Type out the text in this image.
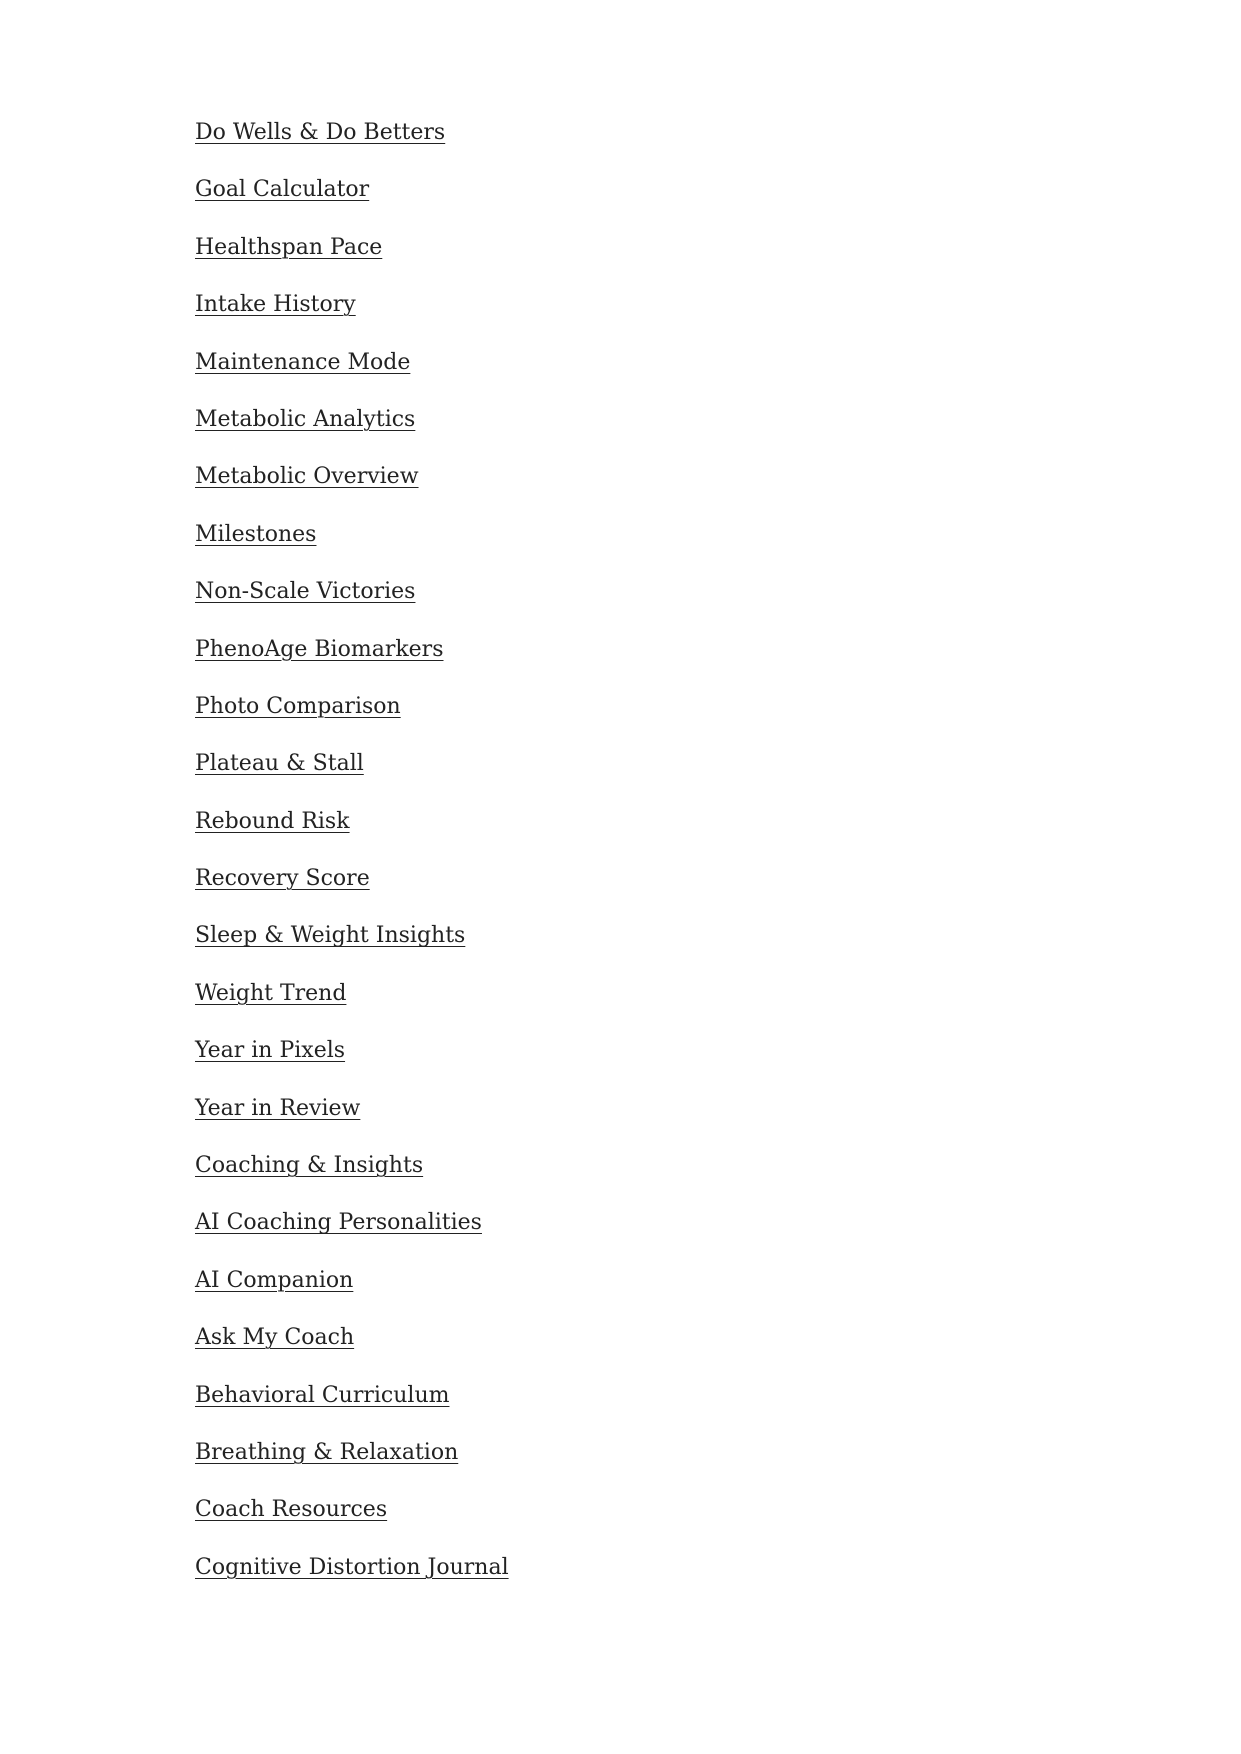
Do Wells & Do Betters
Goal Calculator
Healthspan Pace
Intake History
Maintenance Mode
Metabolic Analytics
Metabolic Overview
Milestones
Non-Scale Victories
PhenoAge Biomarkers
Photo Comparison
Plateau & Stall
Rebound Risk
Recovery Score
Sleep & Weight Insights
Weight Trend
Year in Pixels
Year in Review
Coaching & Insights
AI Coaching Personalities
AI Companion
Ask My Coach
Behavioral Curriculum
Breathing & Relaxation
Coach Resources
Cognitive Distortion Journal
